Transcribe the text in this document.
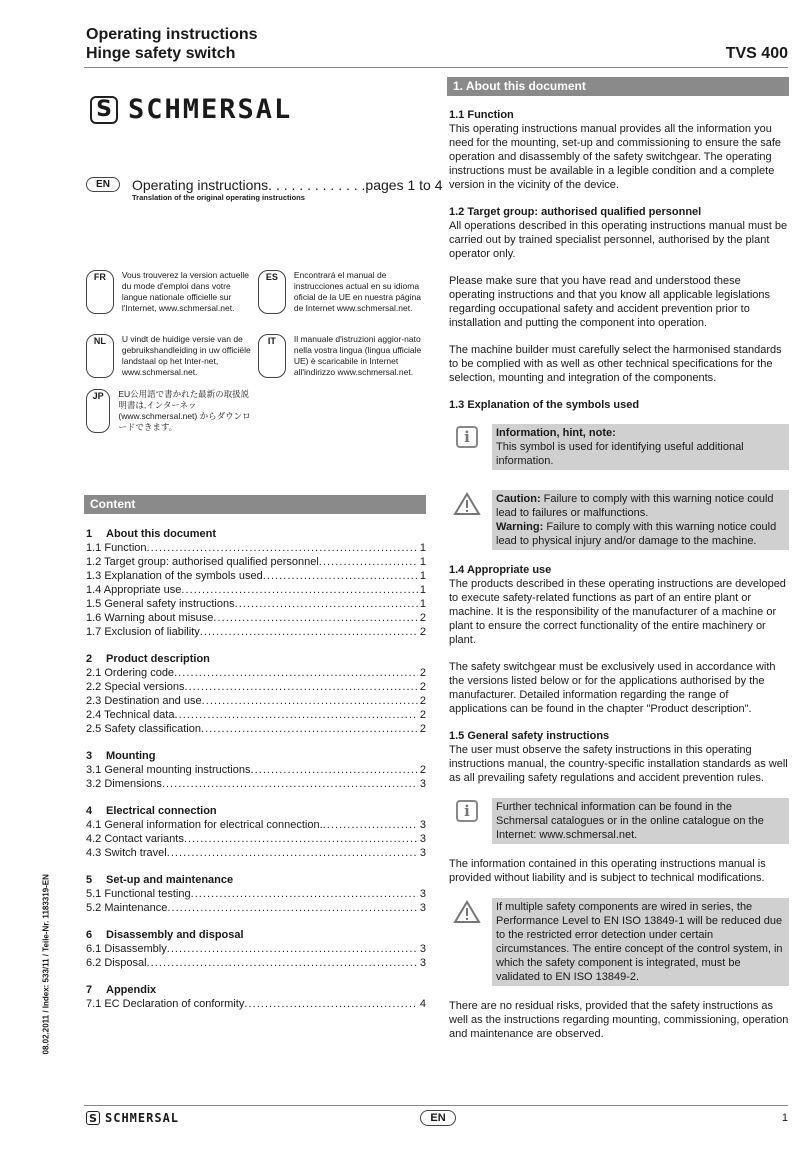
Operating instructions
Hinge safety switch	TVS 400
S SCHMERSAL
EN	Operating instructions. . . . . . . . . . . . .pages 1 to 4
Translation of the original operating instructions
FR	Vous trouverez la version actuelle du mode d'emploi dans votre langue nationale officielle sur l'Internet, www.schmersal.net.
ES	Encontrará el manual de instrucciones actual en su idioma oficial de la UE en nuestra página de Internet www.schmersal.net.
NL	U vindt de huidige versie van de gebruikshandleiding in uw officiële landstaal op het Inter-net, www.schmersal.net.
IT	Il manuale d'istruzioni aggior-nato nella vostra lingua (lingua ufficiale UE) è scaricabile in Internet all'indirizzo www.schmersal.net.
JP	EU公用語で書かれた最新の取扱説明書は,インターネッ(www.schmersal.net) からダウンロードできます。
Content
1	About this document
1.1 Function . . .	1
1.2 Target group: authorised qualified personnel . . .	1
1.3 Explanation of the symbols used . . .	1
1.4 Appropriate use . . .	1
1.5 General safety instructions . . .	1
1.6 Warning about misuse . . .	2
1.7 Exclusion of liability . . .	2
2	Product description
2.1 Ordering code . . .	2
2.2 Special versions . . .	2
2.3 Destination and use . . .	2
2.4 Technical data . . .	2
2.5 Safety classification . . .	2
3	Mounting
3.1 General mounting instructions . . .	2
3.2 Dimensions . . .	3
4	Electrical connection
4.1 General information for electrical connection. . . .	3
4.2 Contact variants . . .	3
4.3 Switch travel . . .	3
5	Set-up and maintenance
5.1 Functional testing . . .	3
5.2 Maintenance . . .	3
6	Disassembly and disposal
6.1 Disassembly . . .	3
6.2 Disposal . . .	3
7	Appendix
7.1 EC Declaration of conformity . . .	4
1. About this document
1.1 Function

This operating instructions manual provides all the information you need for the mounting, set-up and commissioning to ensure the safe operation and disassembly of the safety switchgear. The operating instructions must be available in a legible condition and a complete version in the vicinity of the device.

1.2 Target group: authorised qualified personnel

All operations described in this operating instructions manual must be carried out by trained specialist personnel, authorised by the plant operator only.

Please make sure that you have read and understood these operating instructions and that you know all applicable legislations regarding occupational safety and accident prevention prior to installation and putting the component into operation.

The machine builder must carefully select the harmonised standards to be complied with as well as other technical specifications for the selection, mounting and integration of the components.

1.3 Explanation of the symbols used
i	Information, hint, note:
This symbol is used for identifying useful additional information.
Caution: Failure to comply with this warning notice could lead to failures or malfunctions.
Warning: Failure to comply with this warning notice could lead to physical injury and/or damage to the machine.
1.4 Appropriate use

The products described in these operating instructions are developed to execute safety-related functions as part of an entire plant or machine. It is the responsibility of the manufacturer of a machine or plant to ensure the correct functionality of the entire machinery or plant.

The safety switchgear must be exclusively used in accordance with the versions listed below or for the applications authorised by the manufacturer. Detailed information regarding the range of applications can be found in the chapter "Product description".

1.5 General safety instructions

The user must observe the safety instructions in this operating instructions manual, the country-specific installation standards as well as all prevailing safety regulations and accident prevention rules.

i	Further technical information can be found in the Schmersal catalogues or in the online catalogue on the Internet: www.schmersal.net.

The information contained in this operating instructions manual is provided without liability and is subject to technical modifications.

If multiple safety components are wired in series, the Performance Level to EN ISO 13849-1 will be reduced due to the restricted error detection under certain circumstances. The entire concept of the control system, in which the safety component is integrated, must be validated to EN ISO 13849-2.

There are no residual risks, provided that the safety instructions as well as the instructions regarding mounting, commissioning, operation and maintenance are observed.

08.02.2011 / Index: 533/11 / Teile-Nr. 1183319-EN
S SCHMERSAL	EN	1
